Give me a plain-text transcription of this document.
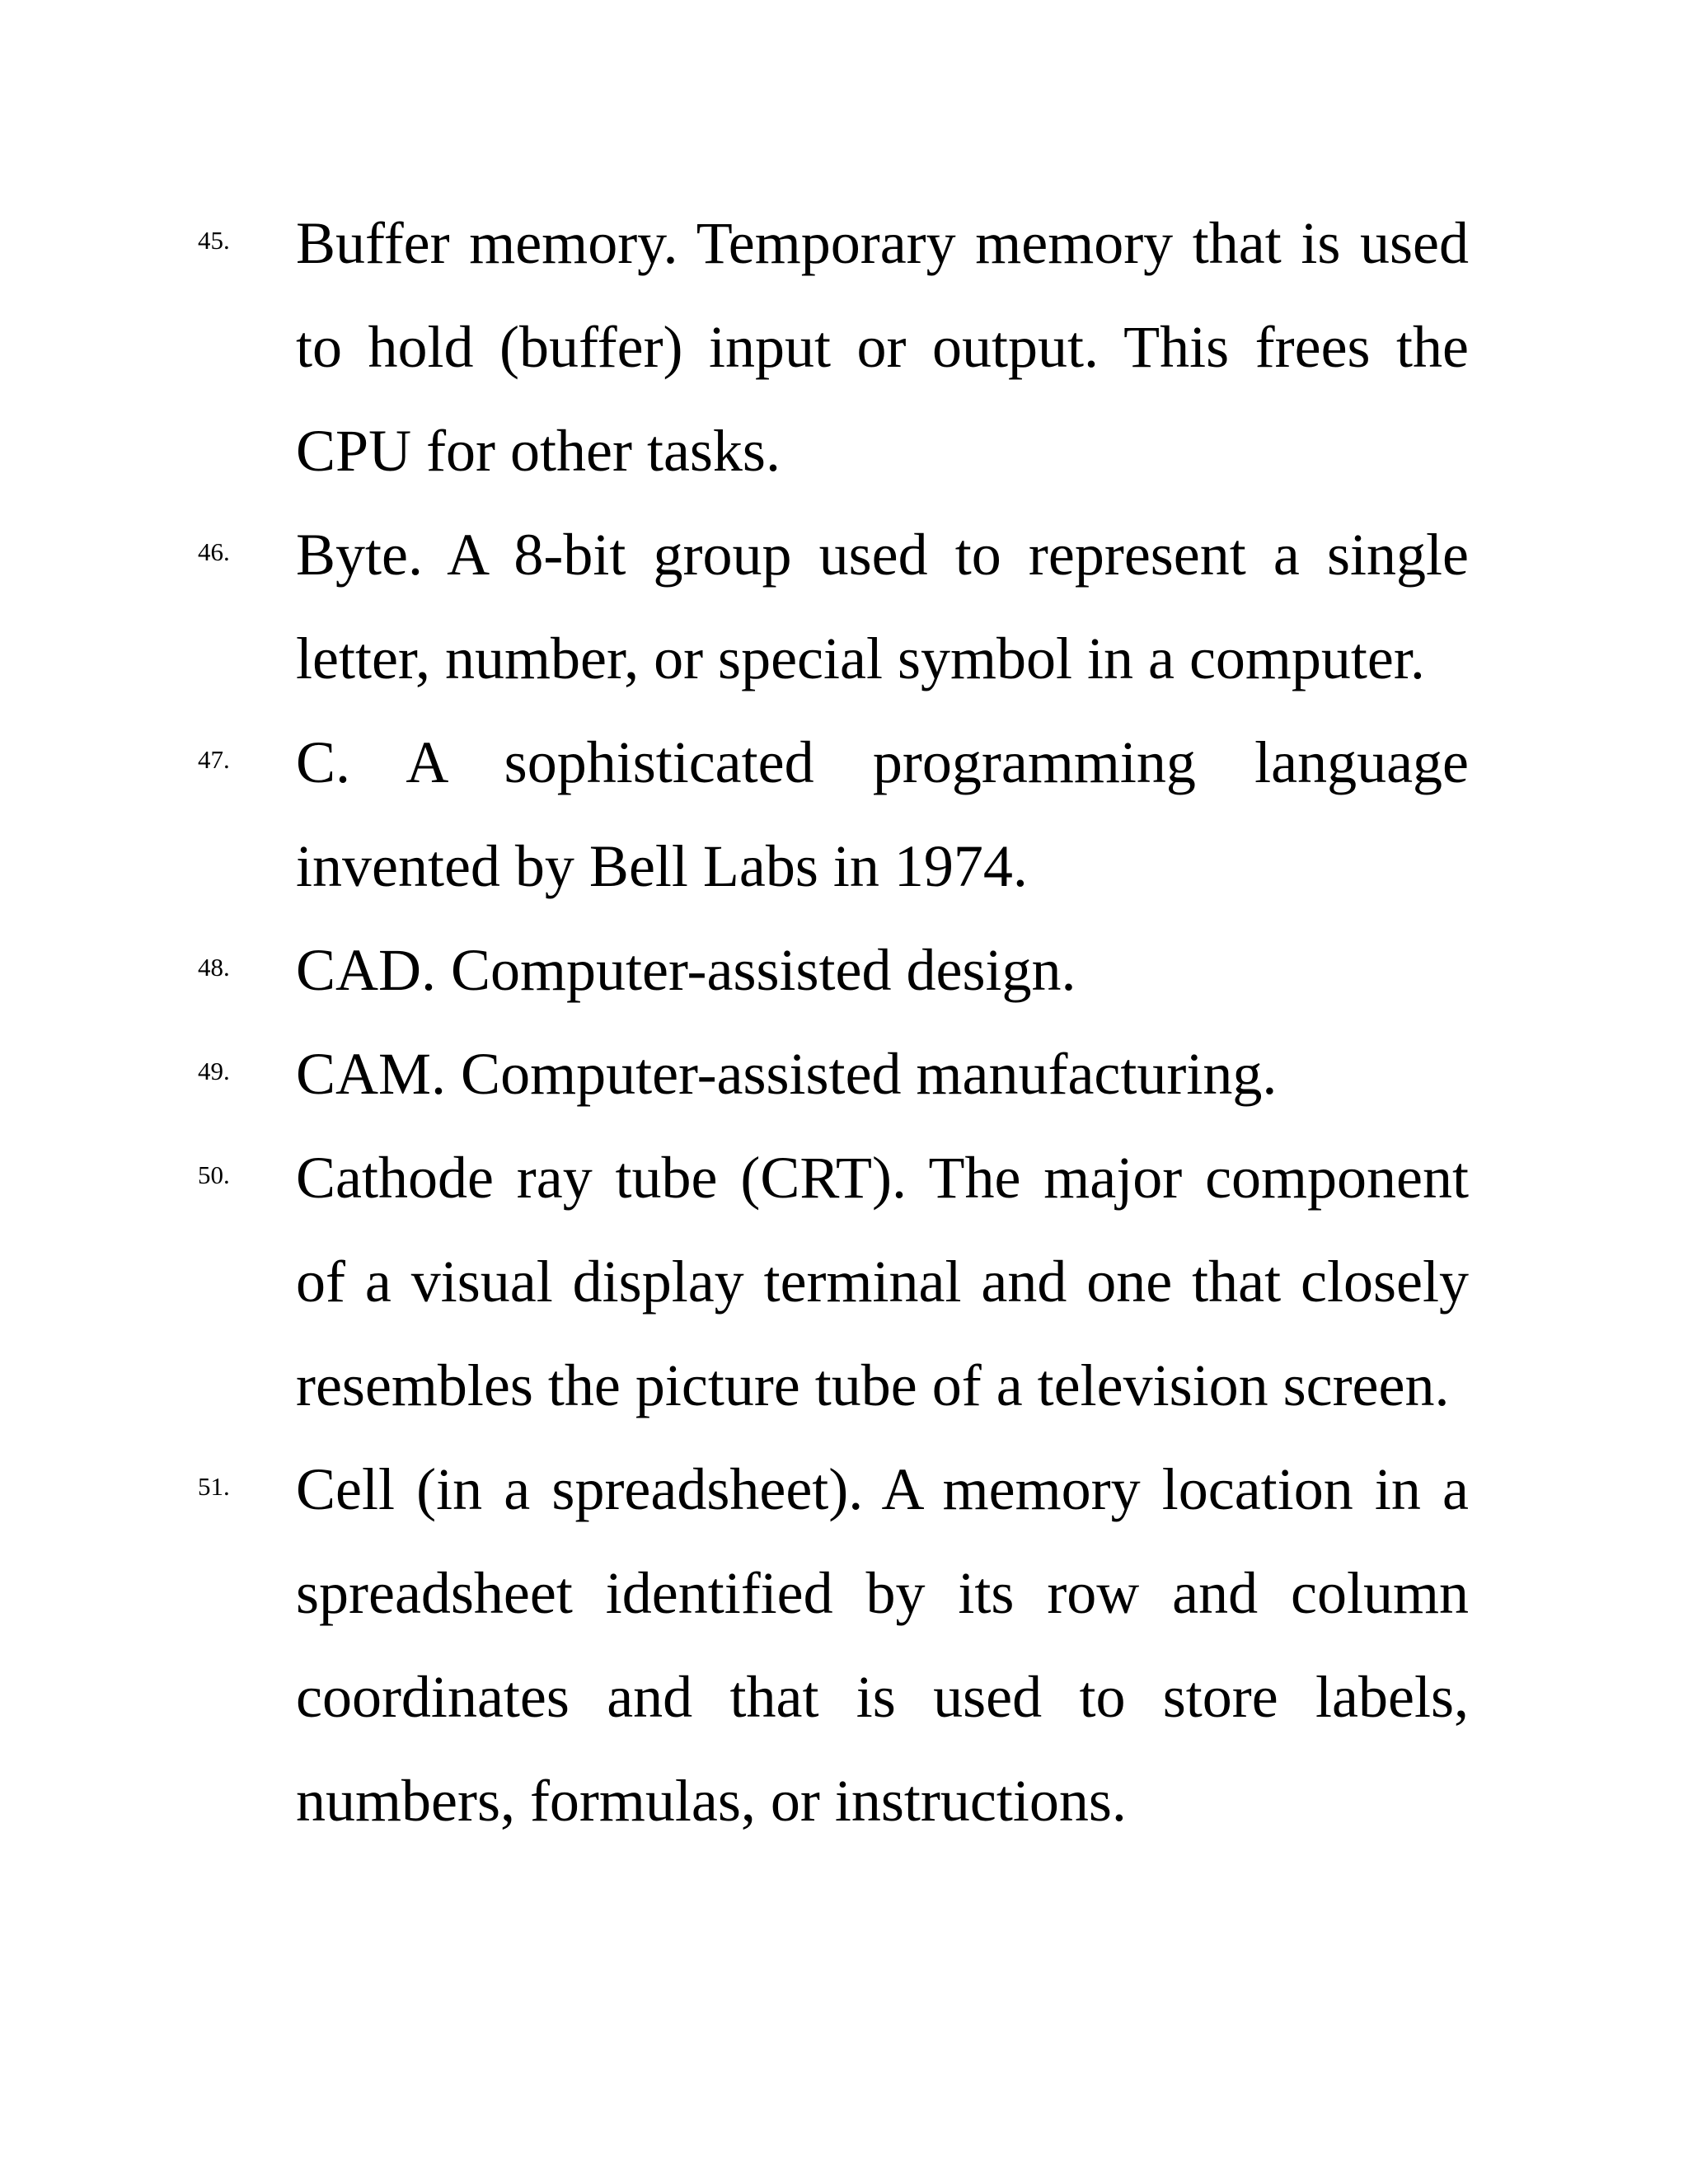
45. Buffer memory. Temporary memory that is used to hold (buffer) input or output. This frees the CPU for other tasks.
46. Byte. A 8-bit group used to represent a single letter, number, or special symbol in a computer.
47. C. A sophisticated programming language invented by Bell Labs in 1974.
48. CAD. Computer-assisted design.
49. CAM. Computer-assisted manufacturing.
50. Cathode ray tube (CRT). The major component of a visual display terminal and one that closely resembles the picture tube of a television screen.
51. Cell (in a spreadsheet). A memory location in a spreadsheet identified by its row and column coordinates and that is used to store labels, numbers, formulas, or instructions.
